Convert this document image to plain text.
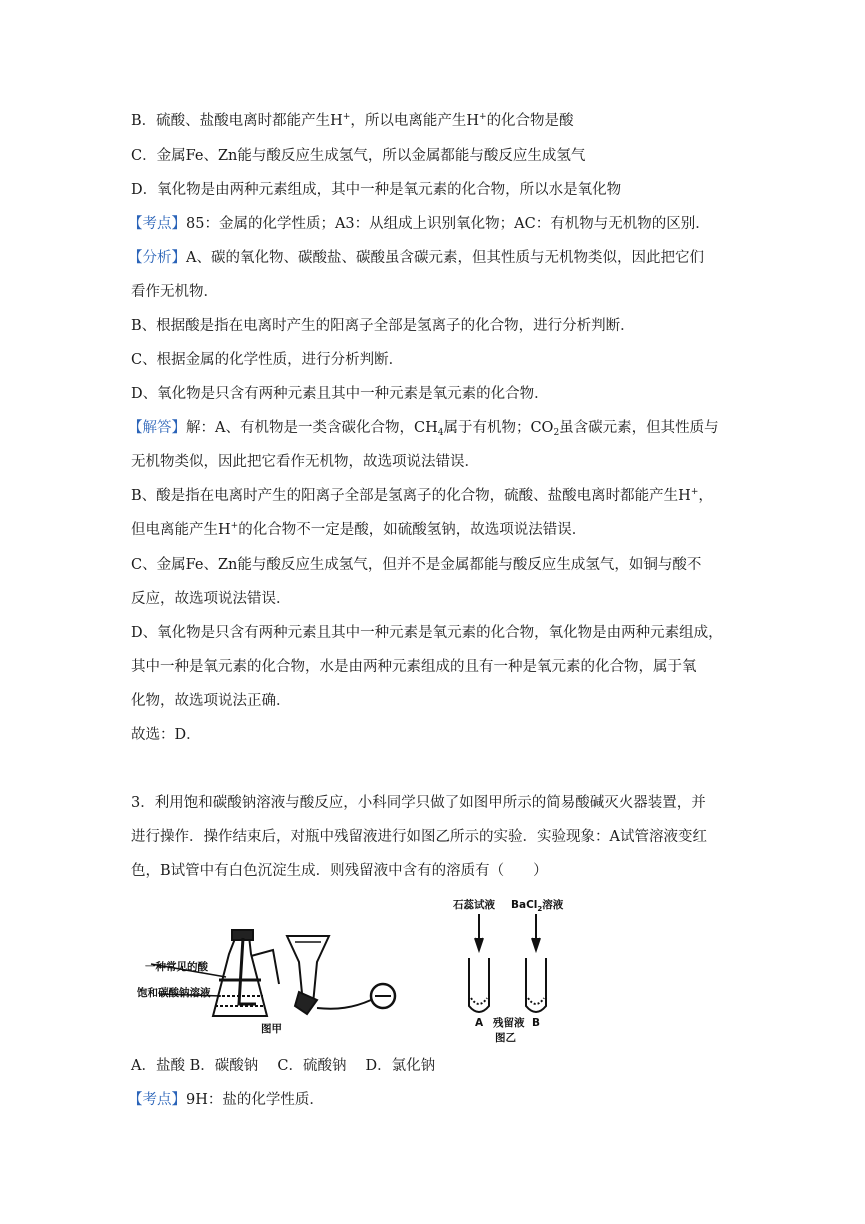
B．硫酸、盐酸电离时都能产生H+，所以电离能产生H+的化合物是酸
C．金属Fe、Zn能与酸反应生成氢气，所以金属都能与酸反应生成氢气
D．氧化物是由两种元素组成，其中一种是氧元素的化合物，所以水是氧化物
【考点】85：金属的化学性质；A3：从组成上识别氧化物；AC：有机物与无机物的区别．
【分析】A、碳的氧化物、碳酸盐、碳酸虽含碳元素，但其性质与无机物类似，因此把它们
看作无机物．
B、根据酸是指在电离时产生的阳离子全部是氢离子的化合物，进行分析判断．
C、根据金属的化学性质，进行分析判断．
D、氧化物是只含有两种元素且其中一种元素是氧元素的化合物．
【解答】解：A、有机物是一类含碳化合物，$CH_4$属于有机物；$CO_2$虽含碳元素，但其性质与
无机物类似，因此把它看作无机物，故选项说法错误．
B、酸是指在电离时产生的阳离子全部是氢离子的化合物，硫酸、盐酸电离时都能产生H+，
但电离能产生H+的化合物不一定是酸，如硫酸氢钠，故选项说法错误．
C、金属Fe、Zn能与酸反应生成氢气，但并不是金属都能与酸反应生成氢气，如铜与酸不
反应，故选项说法错误．
D、氧化物是只含有两种元素且其中一种元素是氧元素的化合物，氧化物是由两种元素组成，
其中一种是氧元素的化合物，水是由两种元素组成的且有一种是氧元素的化合物，属于氧
化物，故选项说法正确．
故选：D．
3．利用饱和碳酸钠溶液与酸反应，小科同学只做了如图甲所示的简易酸碱灭火器装置，并
进行操作．操作结束后，对瓶中残留液进行如图乙所示的实验．实验现象：A试管溶液变红
色，B试管中有白色沉淀生成．则残留液中含有的溶质有（　　）
一种常见的酸
饱和碳酸钠溶液
图甲
石蕊试液 BaCl$_2$溶液
A 残留液 B
图乙
A．盐酸 B．碳酸钠　 C．硫酸钠　 D．氯化钠
【考点】9H：盐的化学性质．
